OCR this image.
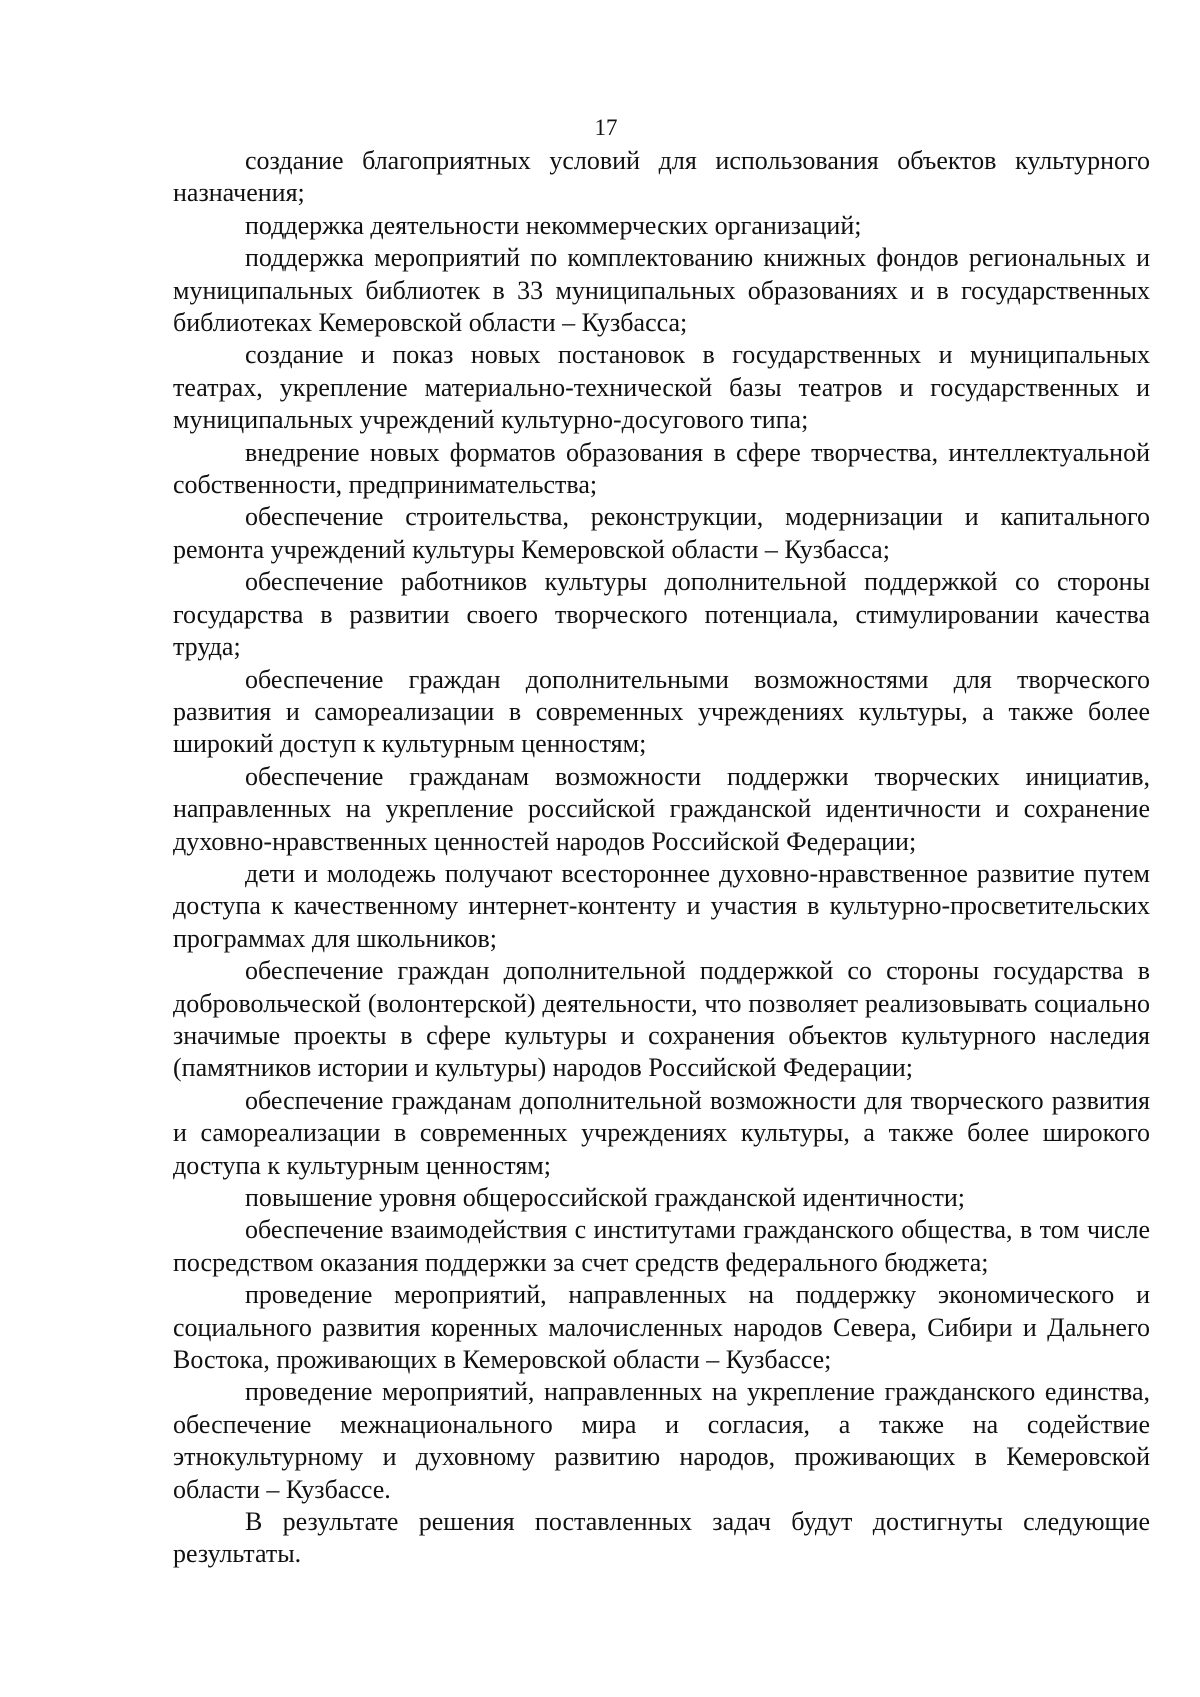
17

создание благоприятных условий для использования объектов культурного назначения;

поддержка деятельности некоммерческих организаций;

поддержка мероприятий по комплектованию книжных фондов региональных и муниципальных библиотек в 33 муниципальных образованиях и в государственных библиотеках Кемеровской области – Кузбасса;

создание и показ новых постановок в государственных и муниципальных театрах, укрепление материально-технической базы театров и государственных и муниципальных учреждений культурно-досугового типа;

внедрение новых форматов образования в сфере творчества, интеллектуальной собственности, предпринимательства;

обеспечение строительства, реконструкции, модернизации и капитального ремонта учреждений культуры Кемеровской области – Кузбасса;

обеспечение работников культуры дополнительной поддержкой со стороны государства в развитии своего творческого потенциала, стимулировании качества труда;

обеспечение граждан дополнительными возможностями для творческого развития и самореализации в современных учреждениях культуры, а также более широкий доступ к культурным ценностям;

обеспечение гражданам возможности поддержки творческих инициатив, направленных на укрепление российской гражданской идентичности и сохранение духовно-нравственных ценностей народов Российской Федерации;

дети и молодежь получают всестороннее духовно-нравственное развитие путем доступа к качественному интернет-контенту и участия в культурно-просветительских программах для школьников;

обеспечение граждан дополнительной поддержкой со стороны государства в добровольческой (волонтерской) деятельности, что позволяет реализовывать социально значимые проекты в сфере культуры и сохранения объектов культурного наследия (памятников истории и культуры) народов Российской Федерации;

обеспечение гражданам дополнительной возможности для творческого развития и самореализации в современных учреждениях культуры, а также более широкого доступа к культурным ценностям;

повышение уровня общероссийской гражданской идентичности;

обеспечение взаимодействия с институтами гражданского общества, в том числе посредством оказания поддержки за счет средств федерального бюджета;

проведение мероприятий, направленных на поддержку экономического и социального развития коренных малочисленных народов Севера, Сибири и Дальнего Востока, проживающих в Кемеровской области – Кузбассе;

проведение мероприятий, направленных на укрепление гражданского единства, обеспечение межнационального мира и согласия, а также на содействие этнокультурному и духовному развитию народов, проживающих в Кемеровской области – Кузбассе.

В результате решения поставленных задач будут достигнуты следующие результаты.
